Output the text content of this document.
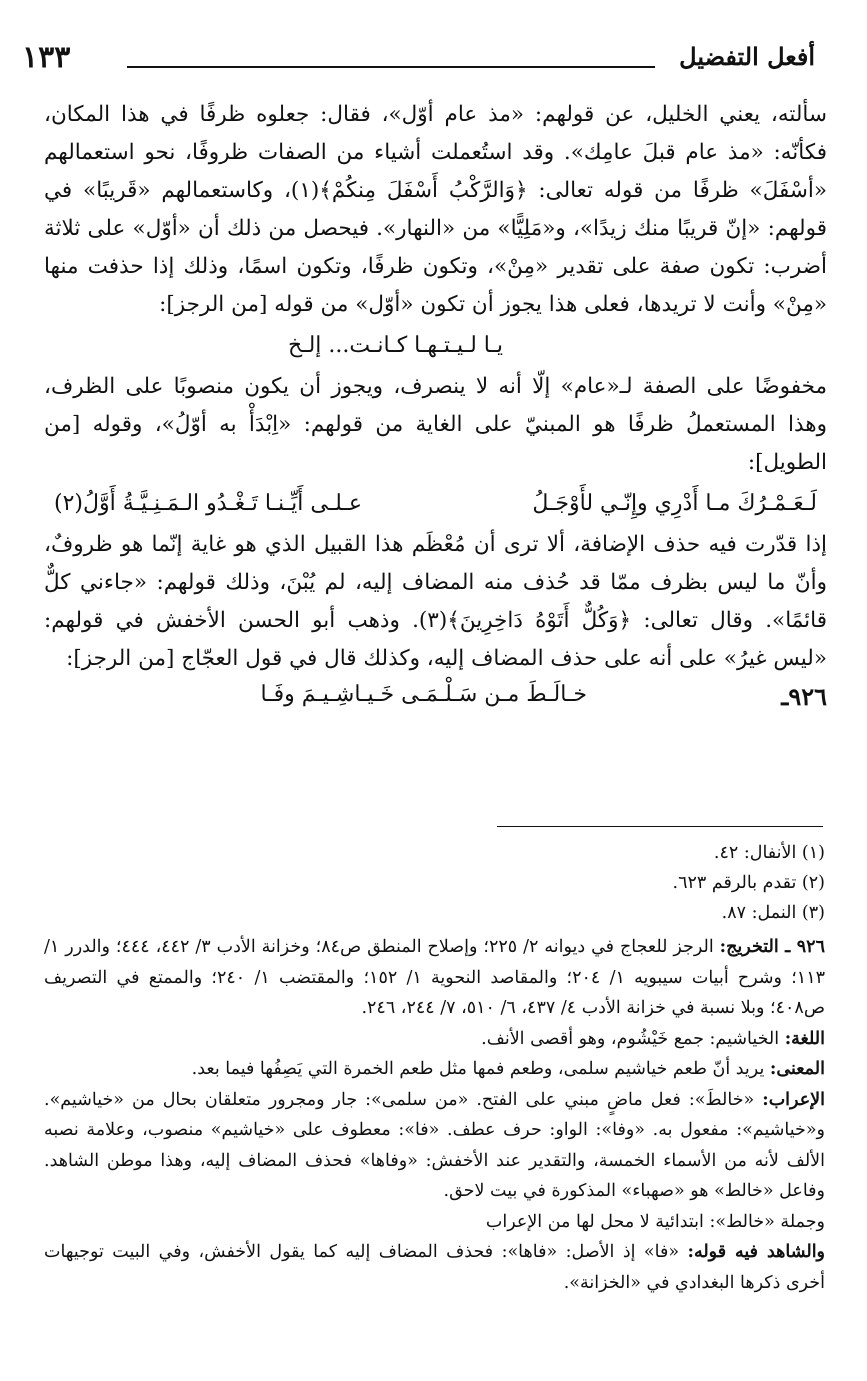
أفعل التفضيل
١٣٣

سألته، يعني الخليل، عن قولهم: «مذ عام أوّل»، فقال: جعلوه ظرفًا في هذا المكان، فكأنّه: «مذ عام قبلَ عامِك». وقد استُعملت أشياء من الصفات ظروفًا، نحو استعمالهم «أسْفَلَ» ظرفًا من قوله تعالى: ﴿وَالرَّكْبُ أَسْفَلَ مِنكُمْ﴾(١)، وكاستعمالهم «قَريبًا» في قولهم: «إنّ قريبًا منك زيدًا»، و«مَلِيًّا» من «النهار». فيحصل من ذلك أن «أوّل» على ثلاثة أضرب: تكون صفة على تقدير «مِنْ»، وتكون ظرفًا، وتكون اسمًا، وذلك إذا حذفت منها «مِنْ» وأنت لا تريدها، فعلى هذا يجوز أن تكون «أوّل» من قوله [من الرجز]:

يـا لـيـتـهـا كـانـت... إلـخ

مخفوضًا على الصفة لـ«عام» إلّا أنه لا ينصرف، ويجوز أن يكون منصوبًا على الظرف، وهذا المستعملُ ظرفًا هو المبنيّ على الغاية من قولهم: «اِبْدَأْ به أوّلُ»، وقوله [من الطويل]:

لَـعَـمْـرُكَ مـا أَدْرِي وإِنّـي لأَوْجَـلُ
عـلـى أَيِّـنـا تَـغْـدُو الـمَـنِـيَّـةُ أَوَّلُ(٢)

إذا قدّرت فيه حذف الإضافة، ألا ترى أن مُعْظَم هذا القبيل الذي هو غاية إنّما هو ظروفٌ، وأنّ ما ليس بظرف ممّا قد حُذف منه المضاف إليه، لم يُبْنَ، وذلك قولهم: «جاءني كلٌّ قائمًا». وقال تعالى: ﴿وَكُلٌّ أَتَوْهُ دَاخِرِينَ﴾(٣). وذهب أبو الحسن الأخفش في قولهم: «ليس غيرُ» على أنه على حذف المضاف إليه، وكذلك قال في قول العجّاج [من الرجز]:

٩٢٦ـ
خـالَـطَ مـن سَـلْـمَـى خَـيـاشِـيـمَ وفَـا

(١) الأنفال: ٤٢.

(٢) تقدم بالرقم ٦٢٣.

(٣) النمل: ٨٧.

٩٢٦ ـ التخريج: الرجز للعجاج في ديوانه ٢/ ٢٢٥؛ وإصلاح المنطق ص٨٤؛ وخزانة الأدب ٣/ ٤٤٢، ٤٤٤؛ والدرر ١/ ١١٣؛ وشرح أبيات سيبويه ١/ ٢٠٤؛ والمقاصد النحوية ١/ ١٥٢؛ والمقتضب ١/ ٢٤٠؛ والممتع في التصريف ص٤٠٨؛ وبلا نسبة في خزانة الأدب ٤/ ٤٣٧، ٦/ ٥١٠، ٧/ ٢٤٤، ٢٤٦.

اللغة: الخياشيم: جمع خَيْشُوم، وهو أقصى الأنف.

المعنى: يريد أنّ طعم خياشيم سلمى، وطعم فمها مثل طعم الخمرة التي يَصِفُها فيما بعد.

الإعراب: «خالطَ»: فعل ماضٍ مبني على الفتح. «من سلمى»: جار ومجرور متعلقان بحال من «خياشيم». و«خياشيم»: مفعول به. «وفا»: الواو: حرف عطف. «فا»: معطوف على «خياشيم» منصوب، وعلامة نصبه الألف لأنه من الأسماء الخمسة، والتقدير عند الأخفش: «وفاها» فحذف المضاف إليه، وهذا موطن الشاهد. وفاعل «خالط» هو «صهباء» المذكورة في بيت لاحق.

وجملة «خالط»: ابتدائية لا محل لها من الإعراب

والشاهد فيه قوله: «فا» إذ الأصل: «فاها»: فحذف المضاف إليه كما يقول الأخفش، وفي البيت توجيهات أخرى ذكرها البغدادي في «الخزانة».
